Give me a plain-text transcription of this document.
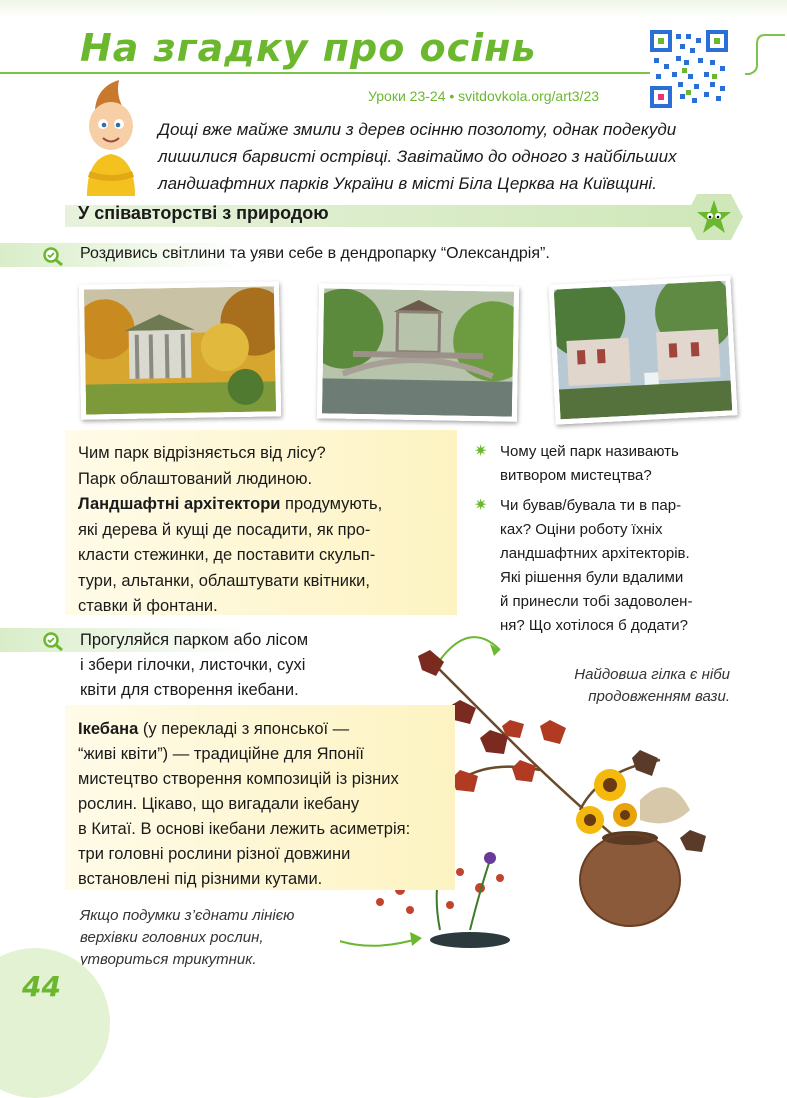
На згадку про осінь
Уроки 23-24 • svitdovkola.org/art3/23
Дощі вже майже змили з дерев осінню позолоту, однак подекуди лишилися барвисті острівці. Завітаймо до одного з найбільших ландшафтних парків України в місті Біла Церква на Київщині.
У співавторстві з природою
Роздивись світлини та уяви себе в дендропарку “Олександрія”.
Чим парк відрізняється від лісу?
Парк облаштований людиною.
Ландшафтні архітектори продумують,
які дерева й кущі де посадити, як про-
класти стежинки, де поставити скульп-
тури, альтанки, облаштувати квітники,
ставки й фонтани.
✷ Чому цей парк називають
витвором мистецтва?
✷ Чи бував/бувала ти в пар-
ках? Оціни роботу їхніх
ландшафтних архітекторів.
Які рішення були вдалими
й принесли тобі задоволен-
ня? Що хотілося б додати?
Прогуляйся парком або лісом
і збери гілочки, листочки, сухі
квіти для створення ікебани.
Найдовша гілка є ніби
продовженням вази.
Ікебана (у перекладі з японської —
“живі квіти”) — традиційне для Японії
мистецтво створення композицій із різних
рослин. Цікаво, що вигадали ікебану
в Китаї. В основі ікебани лежить асиметрія:
три головні рослини різної довжини
встановлені під різними кутами.
Якщо подумки з’єднати лінією
верхівки головних рослин,
утвориться трикутник.
44
